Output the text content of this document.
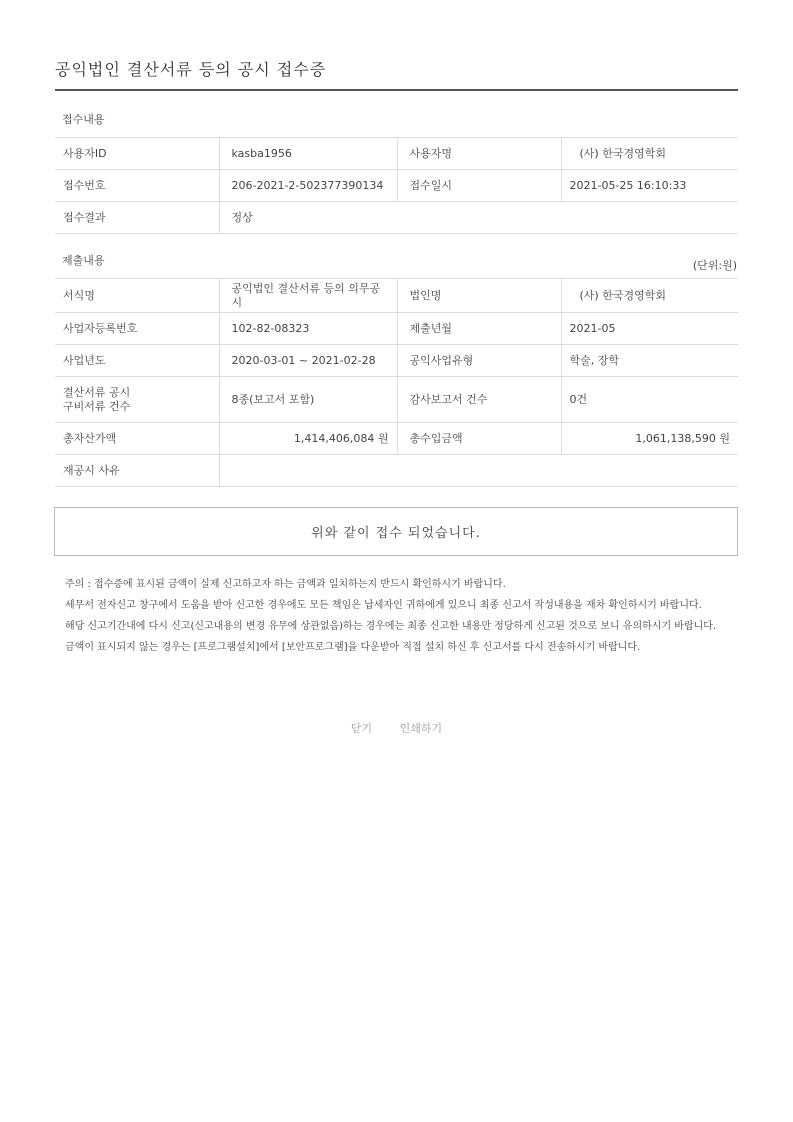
공익법인 결산서류 등의 공시 접수증
접수내용
사용자ID	kasba1956	사용자명	(사) 한국경영학회
접수번호	206-2021-2-502377390134	접수일시	2021-05-25 16:10:33
접수결과	정상		
제출내용	(단위:원)
서식명	공익법인 결산서류 등의 의무공시	법인명	(사) 한국경영학회
사업자등록번호	102-82-08323	제출년월	2021-05
사업년도	2020-03-01 ~ 2021-02-28	공익사업유형	학술, 장학

결산서류 공시
구비서류 건수	8종(보고서 포함)	감사보고서 건수	0건
총자산가액	1,414,406,084 원	총수입금액	1,061,138,590 원
재공시 사유			
위와 같이 접수 되었습니다.

주의 : 접수증에 표시된 금액이 실제 신고하고자 하는 금액과 일치하는지 반드시 확인하시기 바랍니다.

세무서 전자신고 창구에서 도움을 받아 신고한 경우에도 모든 책임은 납세자인 귀하에게 있으니 최종 신고서 작성내용을 재차 확인하시기 바랍니다.

해당 신고기간내에 다시 신고(신고내용의 변경 유무에 상관없음)하는 경우에는 최종 신고한 내용만 정당하게 신고된 것으로 보니 유의하시기 바랍니다.

금액이 표시되지 않는 경우는 [프로그램설치]에서 [보안프로그램]을 다운받아 직접 설치 하신 후 신고서를 다시 전송하시기 바랍니다.

닫기	인쇄하기
